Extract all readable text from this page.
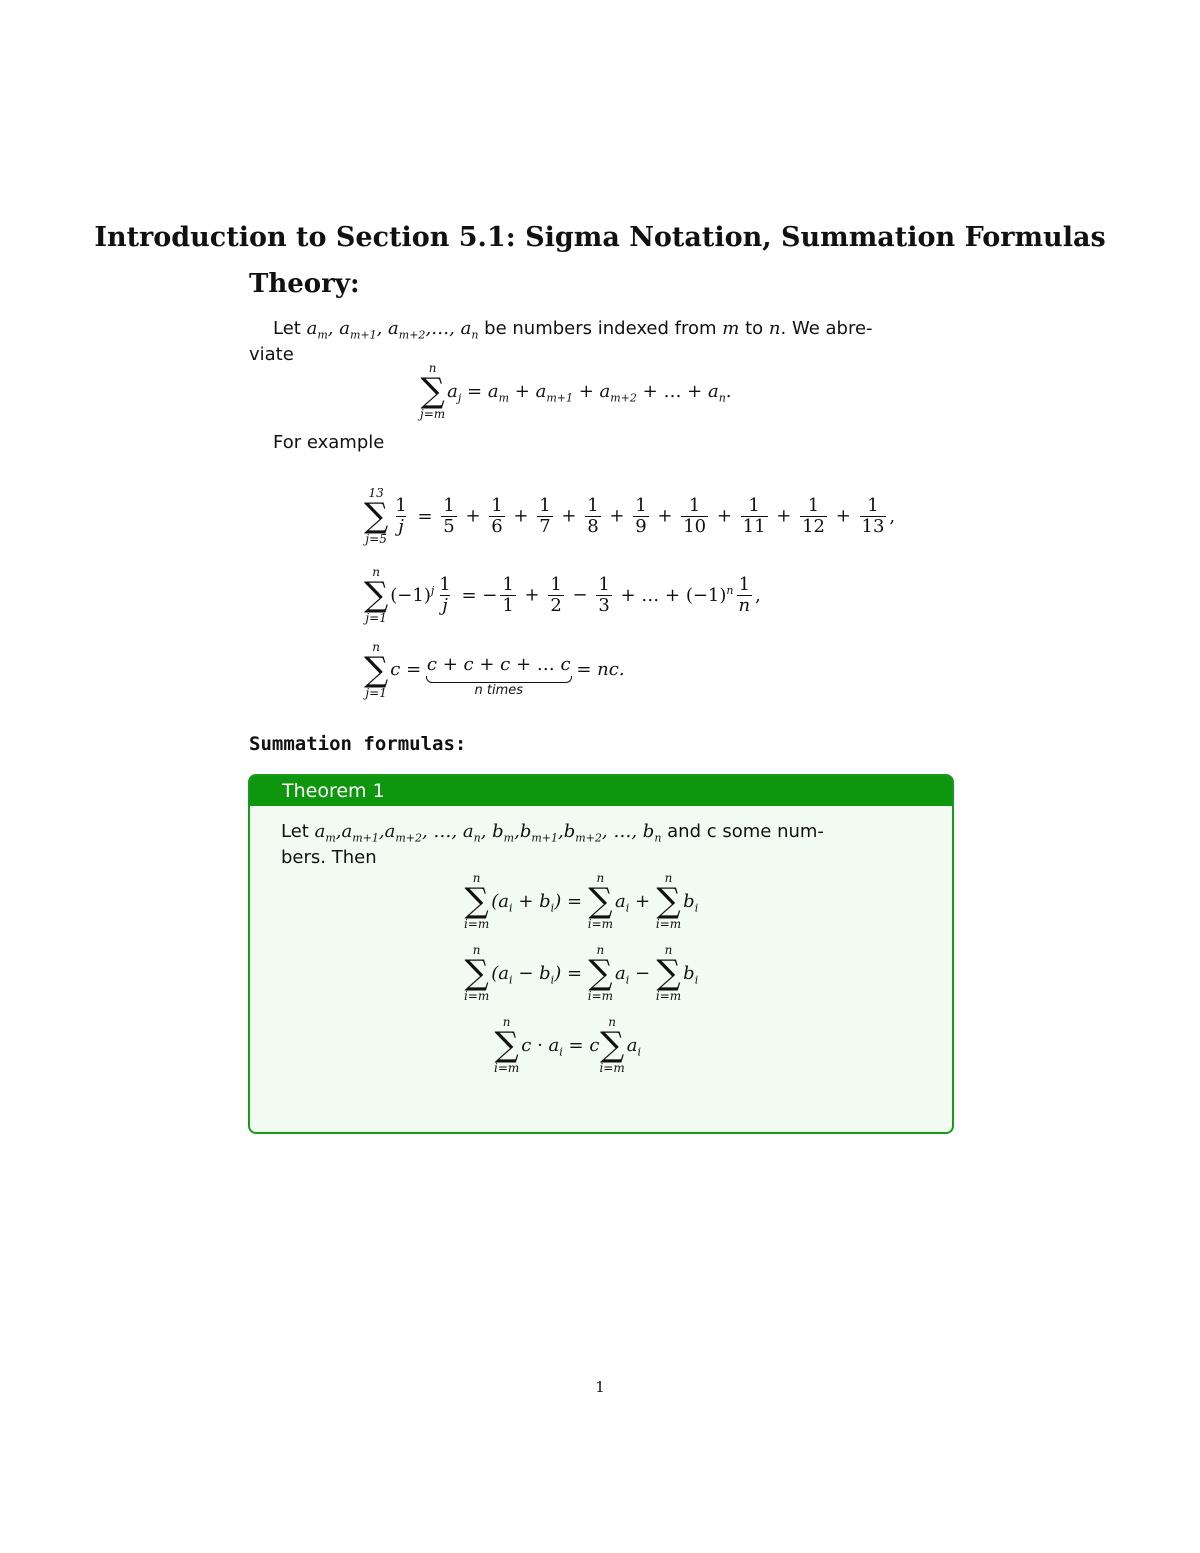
Introduction to Section 5.1: Sigma Notation, Summation Formulas
Theory:
Let $a_m$, $a_{m+1}$, $a_{m+2},\dots$, $a_n$ be numbers indexed from m to n. We abre-
viate
n
∑
j=m
$a_j = a_m + a_{m+1} + a_{m+2}$ + … + $a_n$.
For example
13
∑
j=5
$\frac{1}{j} = \frac{1}{5} + \frac{1}{6} + \frac{1}{7} + \frac{1}{8} + \frac{1}{9} + \frac{1}{10} + \frac{1}{11} + \frac{1}{12} + \frac{1}{13}$ ,
n
∑
j=1
$(-1)^j \frac{1}{j}$ = − $\frac{1}{1} + \frac{1}{2} - \frac{1}{3}$ + … + $(-1)^n \frac{1}{n}$ ,
n
∑
j=1
c = c + c + c + … c
n times
= nc.
Summation formulas:
Theorem 1
Let $a_m,a_{m+1},a_{m+2}$, …, $a_n$, $b_m,b_{m+1},b_{m+2}$, …, $b_n$ and c some num-
bers. Then
n
∑
i=m
$(a_i + b_i)$ =
n
∑
i=m
$a_i$ +
n
∑
i=m
$b_i$
n
∑
i=m
$(a_i - b_i)$ =
n
∑
i=m
$a_i$ −
n
∑
i=m
$b_i$
n
∑
i=m
$c \cdot a_i = c$
n
∑
i=m
$a_i$
1
